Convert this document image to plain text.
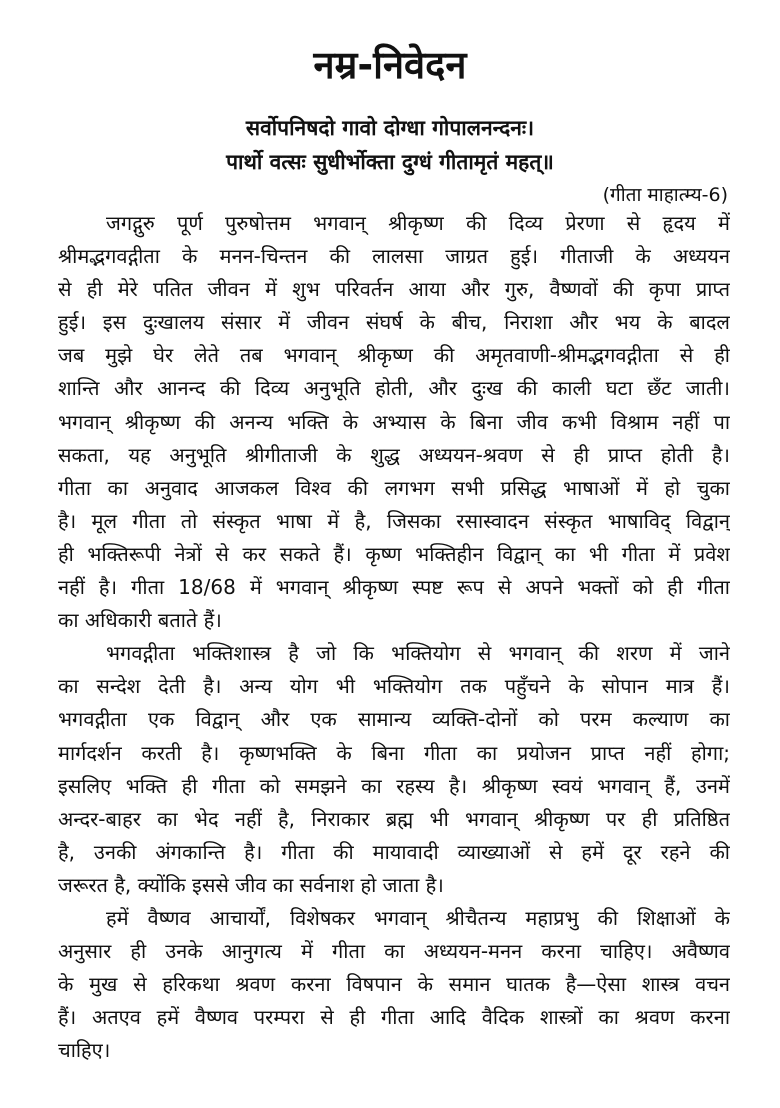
नम्र-निवेदन
सर्वोपनिषदो गावो दोग्धा गोपालनन्दनः।
पार्थो वत्सः सुधीर्भोक्ता दुग्धं गीतामृतं महत्॥
(गीता माहात्म्य-6)
जगद्गुरु पूर्ण पुरुषोत्तम भगवान् श्रीकृष्ण की दिव्य प्रेरणा से हृदय में
श्रीमद्भगवद्गीता के मनन-चिन्तन की लालसा जाग्रत हुई। गीताजी के अध्ययन
से ही मेरे पतित जीवन में शुभ परिवर्तन आया और गुरु, वैष्णवों की कृपा प्राप्त
हुई। इस दुःखालय संसार में जीवन संघर्ष के बीच, निराशा और भय के बादल
जब मुझे घेर लेते तब भगवान् श्रीकृष्ण की अमृतवाणी-श्रीमद्भगवद्गीता से ही
शान्ति और आनन्द की दिव्य अनुभूति होती, और दुःख की काली घटा छँट जाती।
भगवान् श्रीकृष्ण की अनन्य भक्ति के अभ्यास के बिना जीव कभी विश्राम नहीं पा
सकता, यह अनुभूति श्रीगीताजी के शुद्ध अध्ययन-श्रवण से ही प्राप्त होती है।
गीता का अनुवाद आजकल विश्व की लगभग सभी प्रसिद्ध भाषाओं में हो चुका
है। मूल गीता तो संस्कृत भाषा में है, जिसका रसास्वादन संस्कृत भाषाविद् विद्वान्
ही भक्तिरूपी नेत्रों से कर सकते हैं। कृष्ण भक्तिहीन विद्वान् का भी गीता में प्रवेश
नहीं है। गीता 18/68 में भगवान् श्रीकृष्ण स्पष्ट रूप से अपने भक्तों को ही गीता
का अधिकारी बताते हैं।
भगवद्गीता भक्तिशास्त्र है जो कि भक्तियोग से भगवान् की शरण में जाने
का सन्देश देती है। अन्य योग भी भक्तियोग तक पहुँचने के सोपान मात्र हैं।
भगवद्गीता एक विद्वान् और एक सामान्य व्यक्ति-दोनों को परम कल्याण का
मार्गदर्शन करती है। कृष्णभक्ति के बिना गीता का प्रयोजन प्राप्त नहीं होगा;
इसलिए भक्ति ही गीता को समझने का रहस्य है। श्रीकृष्ण स्वयं भगवान् हैं, उनमें
अन्दर-बाहर का भेद नहीं है, निराकार ब्रह्म भी भगवान् श्रीकृष्ण पर ही प्रतिष्ठित
है, उनकी अंगकान्ति है। गीता की मायावादी व्याख्याओं से हमें दूर रहने की
जरूरत है, क्योंकि इससे जीव का सर्वनाश हो जाता है।
हमें वैष्णव आचार्यों, विशेषकर भगवान् श्रीचैतन्य महाप्रभु की शिक्षाओं के
अनुसार ही उनके आनुगत्य में गीता का अध्ययन-मनन करना चाहिए। अवैष्णव
के मुख से हरिकथा श्रवण करना विषपान के समान घातक है—ऐसा शास्त्र वचन
हैं। अतएव हमें वैष्णव परम्परा से ही गीता आदि वैदिक शास्त्रों का श्रवण करना
चाहिए।
